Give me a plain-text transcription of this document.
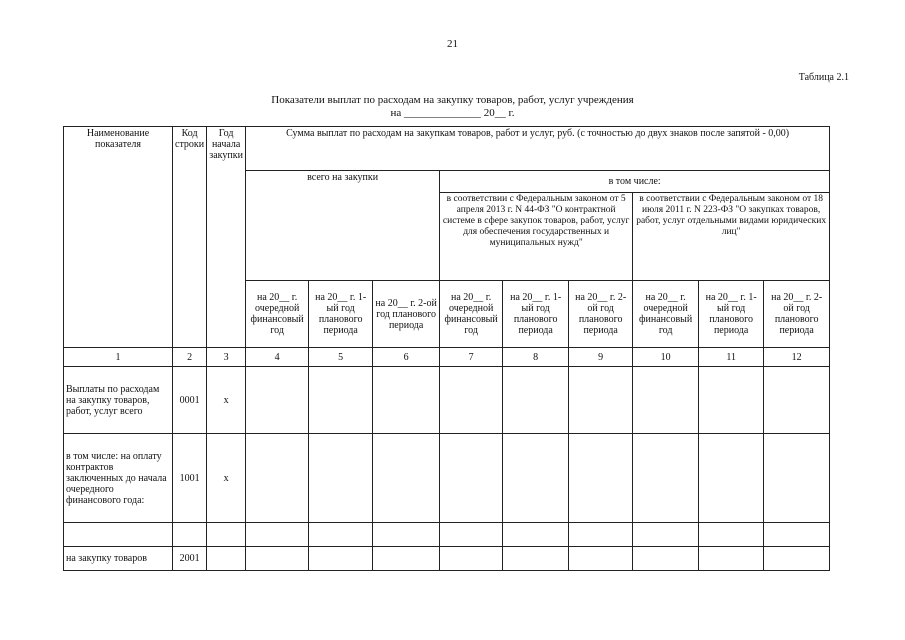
21
Таблица 2.1
Показатели выплат по расходам на закупку товаров, работ, услуг учреждения
на ______________ 20__ г.
Наименование показателя	Код строки	Год начала закупки	Сумма выплат по расходам на закупкам товаров, работ и услуг, руб. (с точностью до двух знаков после запятой - 0,00)								
			всего на закупки			в том числе:					
						в соответствии с Федеральным законом от 5 апреля 2013 г. N 44-ФЗ "О контрактной системе в сфере закупок товаров, работ, услуг для обеспечения государственных и муниципальных нужд"			в соответствии с Федеральным законом от 18 июля 2011 г. N 223-ФЗ "О закупках товаров, работ, услуг отдельными видами юридических лиц"		
			на 20__ г. очередной финансовый год	на 20__ г. 1-ый год планового периода	на 20__ г. 2-ой год планового периода	на 20__ г. очередной финансовый год	на 20__ г. 1-ый год планового периода	на 20__ г. 2-ой год планового периода	на 20__ г. очередной финансовый год	на 20__ г. 1-ый год планового периода	на 20__ г. 2-ой год планового периода
1	2	3	4	5	6	7	8	9	10	11	12
Выплаты по расходам на закупку товаров, работ, услуг всего	0001	x									
в том числе: на оплату контрактов заключенных до начала очередного финансового года:	1001	x									

на закупку товаров	2001										
